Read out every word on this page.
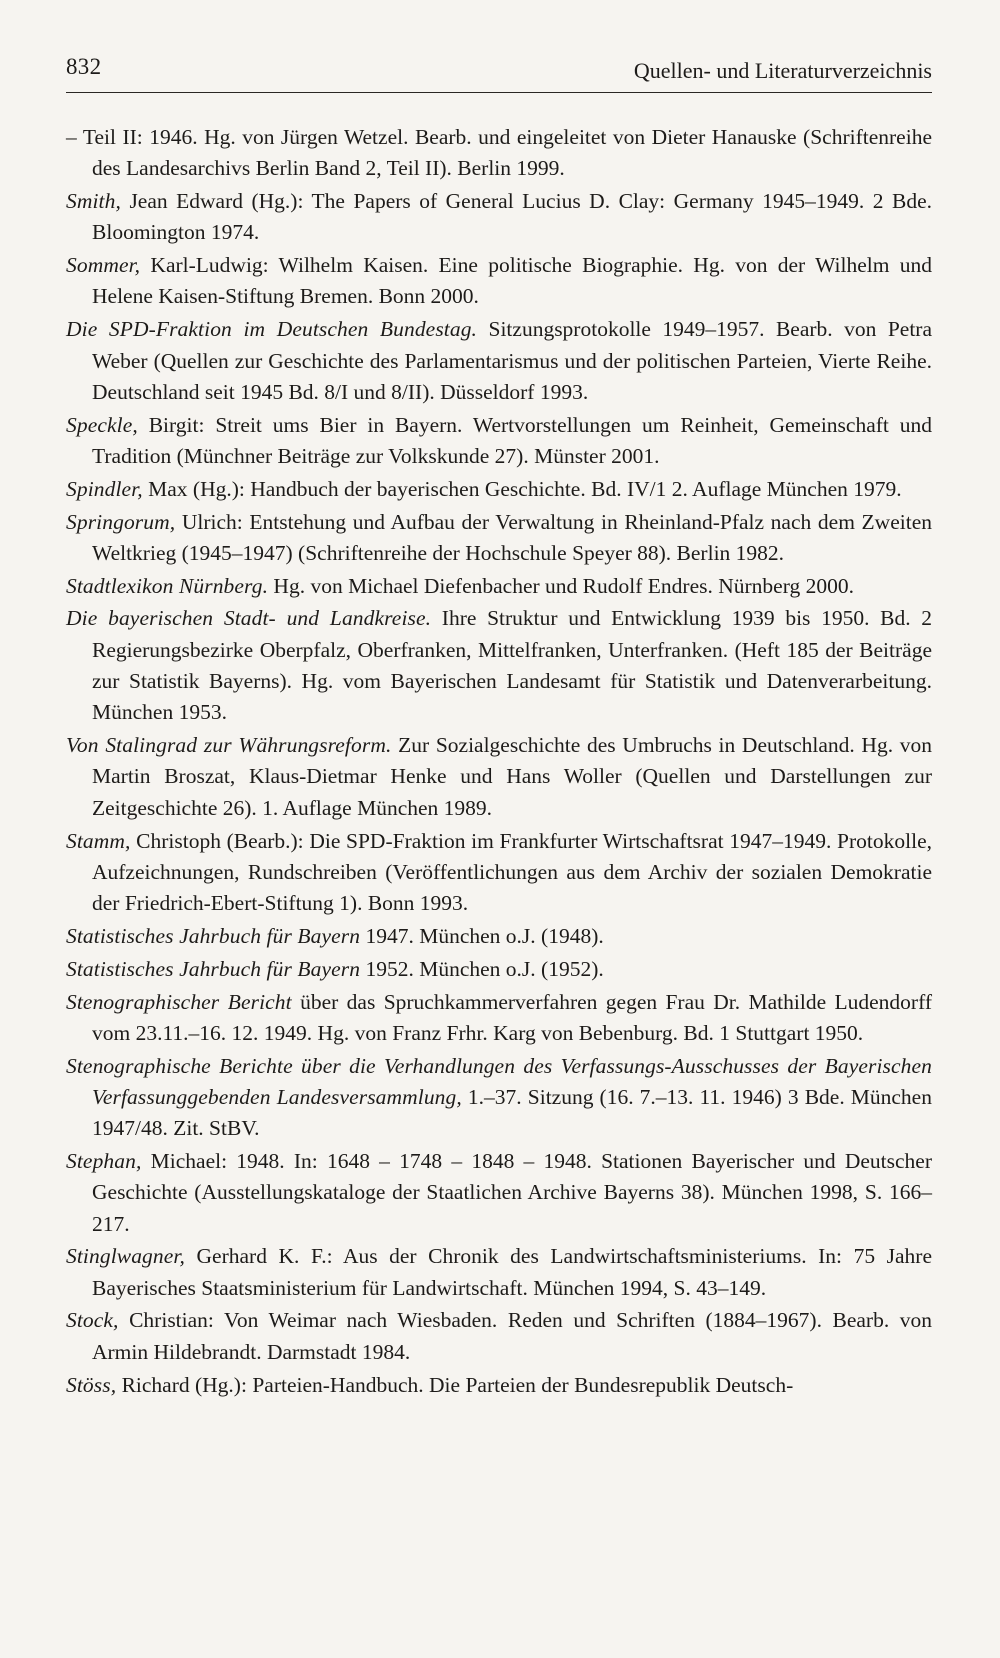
832	Quellen- und Literaturverzeichnis

– Teil II: 1946. Hg. von Jürgen Wetzel. Bearb. und eingeleitet von Dieter Hanauske (Schriftenreihe des Landesarchivs Berlin Band 2, Teil II). Berlin 1999.

Smith, Jean Edward (Hg.): The Papers of General Lucius D. Clay: Germany 1945–1949. 2 Bde. Bloomington 1974.

Sommer, Karl-Ludwig: Wilhelm Kaisen. Eine politische Biographie. Hg. von der Wilhelm und Helene Kaisen-Stiftung Bremen. Bonn 2000.

Die SPD-Fraktion im Deutschen Bundestag. Sitzungsprotokolle 1949–1957. Bearb. von Petra Weber (Quellen zur Geschichte des Parlamentarismus und der politischen Parteien, Vierte Reihe. Deutschland seit 1945 Bd. 8/I und 8/II). Düsseldorf 1993.

Speckle, Birgit: Streit ums Bier in Bayern. Wertvorstellungen um Reinheit, Gemeinschaft und Tradition (Münchner Beiträge zur Volkskunde 27). Münster 2001.

Spindler, Max (Hg.): Handbuch der bayerischen Geschichte. Bd. IV/1 2. Auflage München 1979.

Springorum, Ulrich: Entstehung und Aufbau der Verwaltung in Rheinland-Pfalz nach dem Zweiten Weltkrieg (1945–1947) (Schriftenreihe der Hochschule Speyer 88). Berlin 1982.

Stadtlexikon Nürnberg. Hg. von Michael Diefenbacher und Rudolf Endres. Nürnberg 2000.

Die bayerischen Stadt- und Landkreise. Ihre Struktur und Entwicklung 1939 bis 1950. Bd. 2 Regierungsbezirke Oberpfalz, Oberfranken, Mittelfranken, Unterfranken. (Heft 185 der Beiträge zur Statistik Bayerns). Hg. vom Bayerischen Landesamt für Statistik und Datenverarbeitung. München 1953.

Von Stalingrad zur Währungsreform. Zur Sozialgeschichte des Umbruchs in Deutschland. Hg. von Martin Broszat, Klaus-Dietmar Henke und Hans Woller (Quellen und Darstellungen zur Zeitgeschichte 26). 1. Auflage München 1989.

Stamm, Christoph (Bearb.): Die SPD-Fraktion im Frankfurter Wirtschaftsrat 1947–1949. Protokolle, Aufzeichnungen, Rundschreiben (Veröffentlichungen aus dem Archiv der sozialen Demokratie der Friedrich-Ebert-Stiftung 1). Bonn 1993.

Statistisches Jahrbuch für Bayern 1947. München o.J. (1948).

Statistisches Jahrbuch für Bayern 1952. München o.J. (1952).

Stenographischer Bericht über das Spruchkammerverfahren gegen Frau Dr. Mathilde Ludendorff vom 23.11.–16. 12. 1949. Hg. von Franz Frhr. Karg von Bebenburg. Bd. 1 Stuttgart 1950.

Stenographische Berichte über die Verhandlungen des Verfassungs-Ausschusses der Bayerischen Verfassunggebenden Landesversammlung, 1.–37. Sitzung (16. 7.–13. 11. 1946) 3 Bde. München 1947/48. Zit. StBV.

Stephan, Michael: 1948. In: 1648 – 1748 – 1848 – 1948. Stationen Bayerischer und Deutscher Geschichte (Ausstellungskataloge der Staatlichen Archive Bayerns 38). München 1998, S. 166–217.

Stinglwagner, Gerhard K. F.: Aus der Chronik des Landwirtschaftsministeriums. In: 75 Jahre Bayerisches Staatsministerium für Landwirtschaft. München 1994, S. 43–149.

Stock, Christian: Von Weimar nach Wiesbaden. Reden und Schriften (1884–1967). Bearb. von Armin Hildebrandt. Darmstadt 1984.

Stöss, Richard (Hg.): Parteien-Handbuch. Die Parteien der Bundesrepublik Deutsch-
